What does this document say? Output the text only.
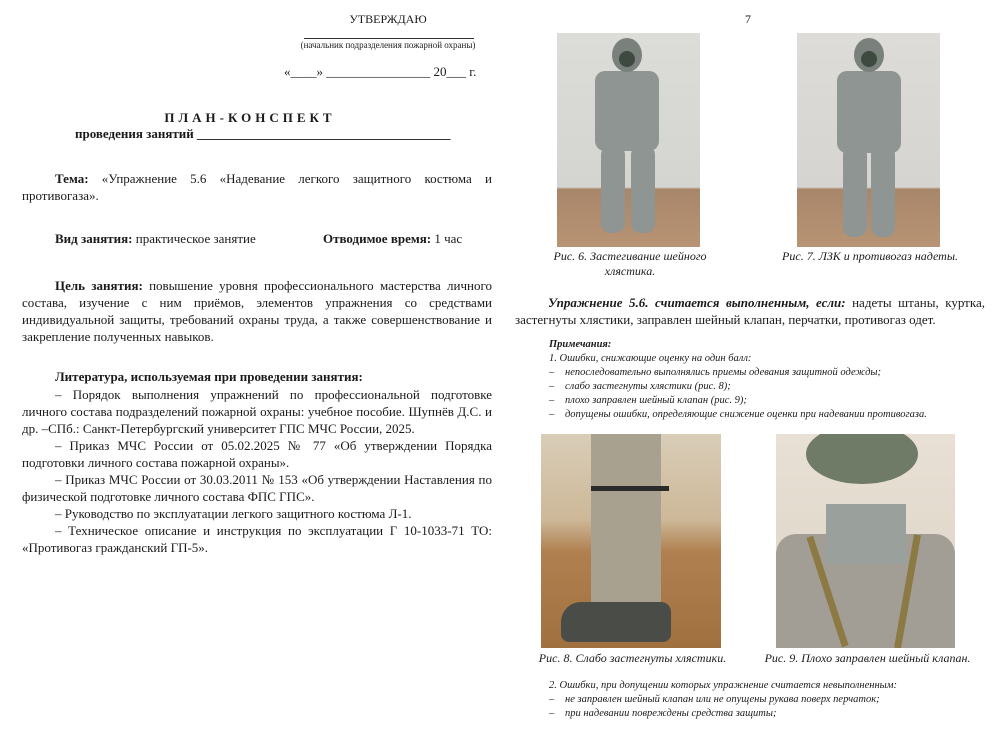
УТВЕРЖДАЮ
(начальник подразделения пожарной охраны)
«____» ________________ 20___ г.
ПЛАН-КОНСПЕКТ
проведения занятий _______________________________________
Тема: «Упражнение 5.6 «Надевание легкого защитного костюма и противогаза».
Вид занятия: практическое занятие	Отводимое время: 1 час
Цель занятия: повышение уровня профессионального мастерства личного состава, изучение с ним приёмов, элементов упражнения со средствами индивидуальной защиты, требований охраны труда, а также совершенствование и закрепление полученных навыков.
Литература, используемая при проведении занятия:
– Порядок выполнения упражнений по профессиональной подготовке личного состава подразделений пожарной охраны: учебное пособие. Шупнёв Д.С. и др. –СПб.: Санкт-Петербургский университет ГПС МЧС России, 2025.
– Приказ МЧС России от 05.02.2025 № 77 «Об утверждении Порядка подготовки личного состава пожарной охраны».
– Приказ МЧС России от 30.03.2011 № 153 «Об утверждении Наставления по физической подготовке личного состава ФПС ГПС».
– Руководство по эксплуатации легкого защитного костюма Л-1.
– Техническое описание и инструкция по эксплуатации Г 10-1033-71 ТО: «Противогаз гражданский ГП-5».
7
Рис. 6. Застегивание шейного хлястика.
Рис. 7. ЛЗК и противогаз надеты.
Упражнение 5.6. считается выполненным, если: надеты штаны, куртка, застегнуты хлястики, заправлен шейный клапан, перчатки, противогаз одет.
Примечания:
1. Ошибки, снижающие оценку на один балл:
– непоследовательно выполнялись приемы одевания защитной одежды;
– слабо застегнуты хлястики (рис. 8);
– плохо заправлен шейный клапан (рис. 9);
– допущены ошибки, определяющие снижение оценки при надевании противогаза.
Рис. 8. Слабо застегнуты хлястики.	Рис. 9. Плохо заправлен шейный клапан.
2. Ошибки, при допущении которых упражнение считается невыполненным:
– не заправлен шейный клапан или не опущены рукава поверх перчаток;
– при надевании повреждены средства защиты;
